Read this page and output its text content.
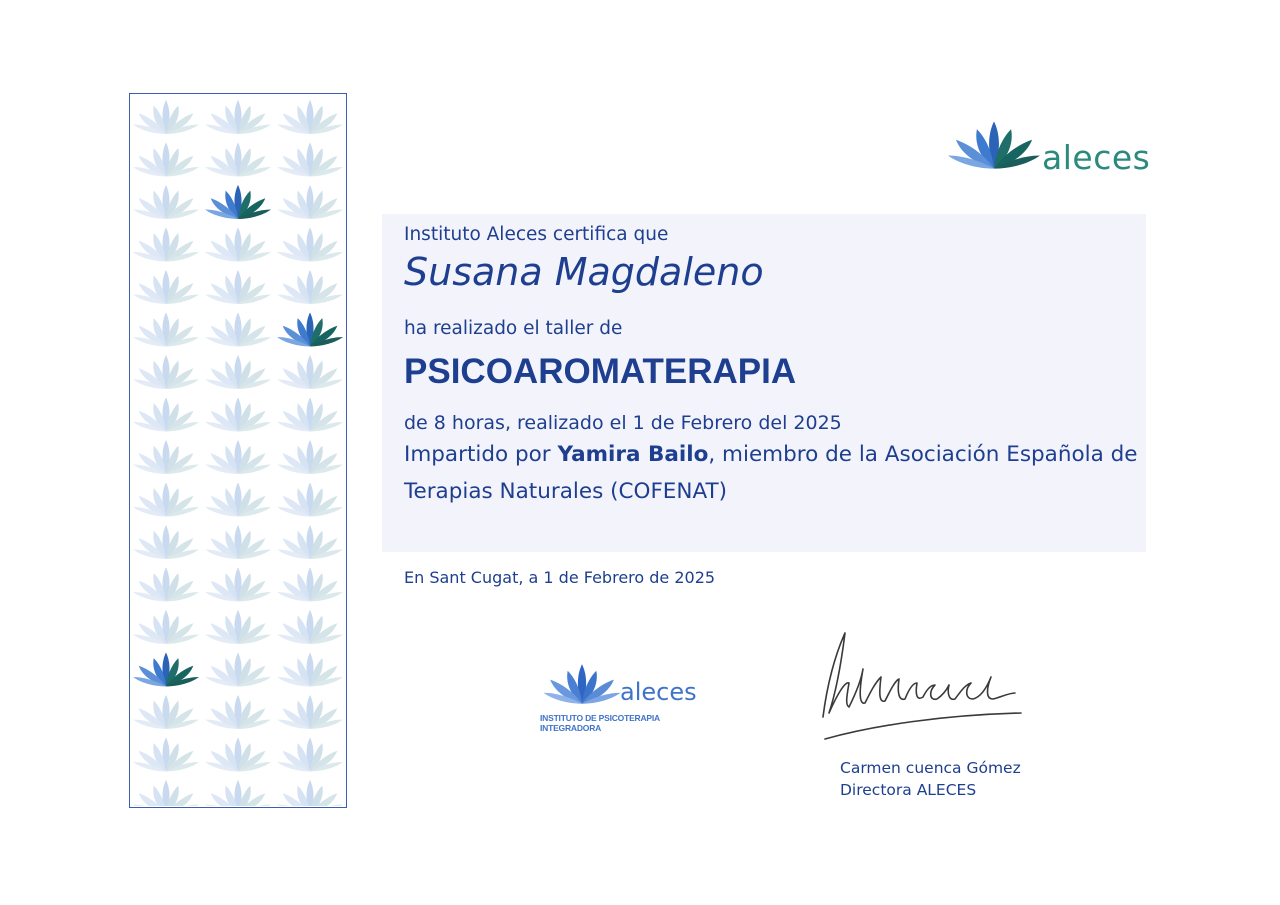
aleces
Instituto Aleces certifica que
Susana Magdaleno
ha realizado el taller de
PSICOAROMATERAPIA
de 8 horas, realizado el 1 de Febrero del 2025
Impartido por Yamira Bailo, miembro de la Asociación Española de
Terapias Naturales (COFENAT)
En Sant Cugat, a 1 de Febrero de 2025
aleces
INSTITUTO DE PSICOTERAPIA INTEGRADORA
Carmen cuenca Gómez
Directora ALECES
